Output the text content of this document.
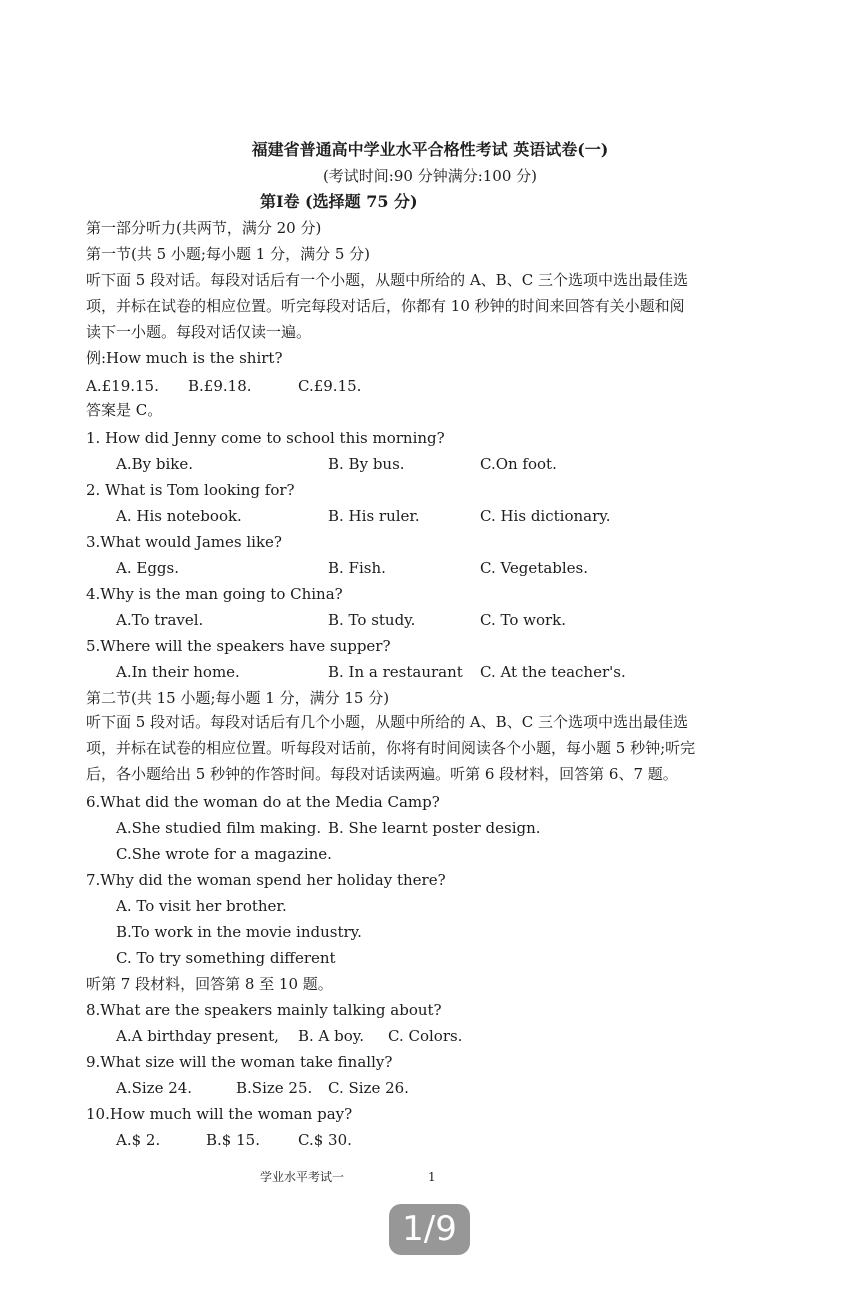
福建省普通高中学业水平合格性考试 英语试卷(一)
(考试时间:90 分钟满分:100 分)
第Ⅰ卷 (选择题 75 分)
第一部分听力(共两节，满分 20 分)
第一节(共 5 小题;每小题 1 分，满分 5 分)
听下面 5 段对话。每段对话后有一个小题，从题中所给的 A、B、C 三个选项中选出最佳选
项，并标在试卷的相应位置。听完每段对话后，你都有 10 秒钟的时间来回答有关小题和阅
读下一小题。每段对话仅读一遍。
例:How much is the shirt?
A.£19.15. B.£9.18.	C.£9.15.
答案是 C。
1. How did Jenny come to school this morning?
A.By bike.	B. By bus.	C.On foot.
2. What is Tom looking for?
A. His notebook.	B. His ruler.	C. His dictionary.
3.What would James like?
A. Eggs.	B. Fish.	C. Vegetables.
4.Why is the man going to China?
A.To travel.	B. To study.	C. To work.
5.Where will the speakers have supper?
A.In their home.	B. In a restaurant C. At the teacher's.
第二节(共 15 小题;每小题 1 分，满分 15 分)
听下面 5 段对话。每段对话后有几个小题，从题中所给的 A、B、C 三个选项中选出最佳选
项，并标在试卷的相应位置。听每段对话前，你将有时间阅读各个小题，每小题 5 秒钟;听完
后，各小题给出 5 秒钟的作答时间。每段对话读两遍。听第 6 段材料，回答第 6、7 题。
6.What did the woman do at the Media Camp?
A.She studied film making. B. She learnt poster design.
C.She wrote for a magazine.
7.Why did the woman spend her holiday there?
A. To visit her brother.
B.To work in the movie industry.
C. To try something different
听第 7 段材料，回答第 8 至 10 题。
8.What are the speakers mainly talking about?
A.A birthday present, B. A boy. C. Colors.
9.What size will the woman take finally?
A.Size 24.	B.Size 25. C. Size 26.
10.How much will the woman pay?
A.$ 2.	B.$ 15.	C.$ 30.
学业水平考试一	1
1/9
